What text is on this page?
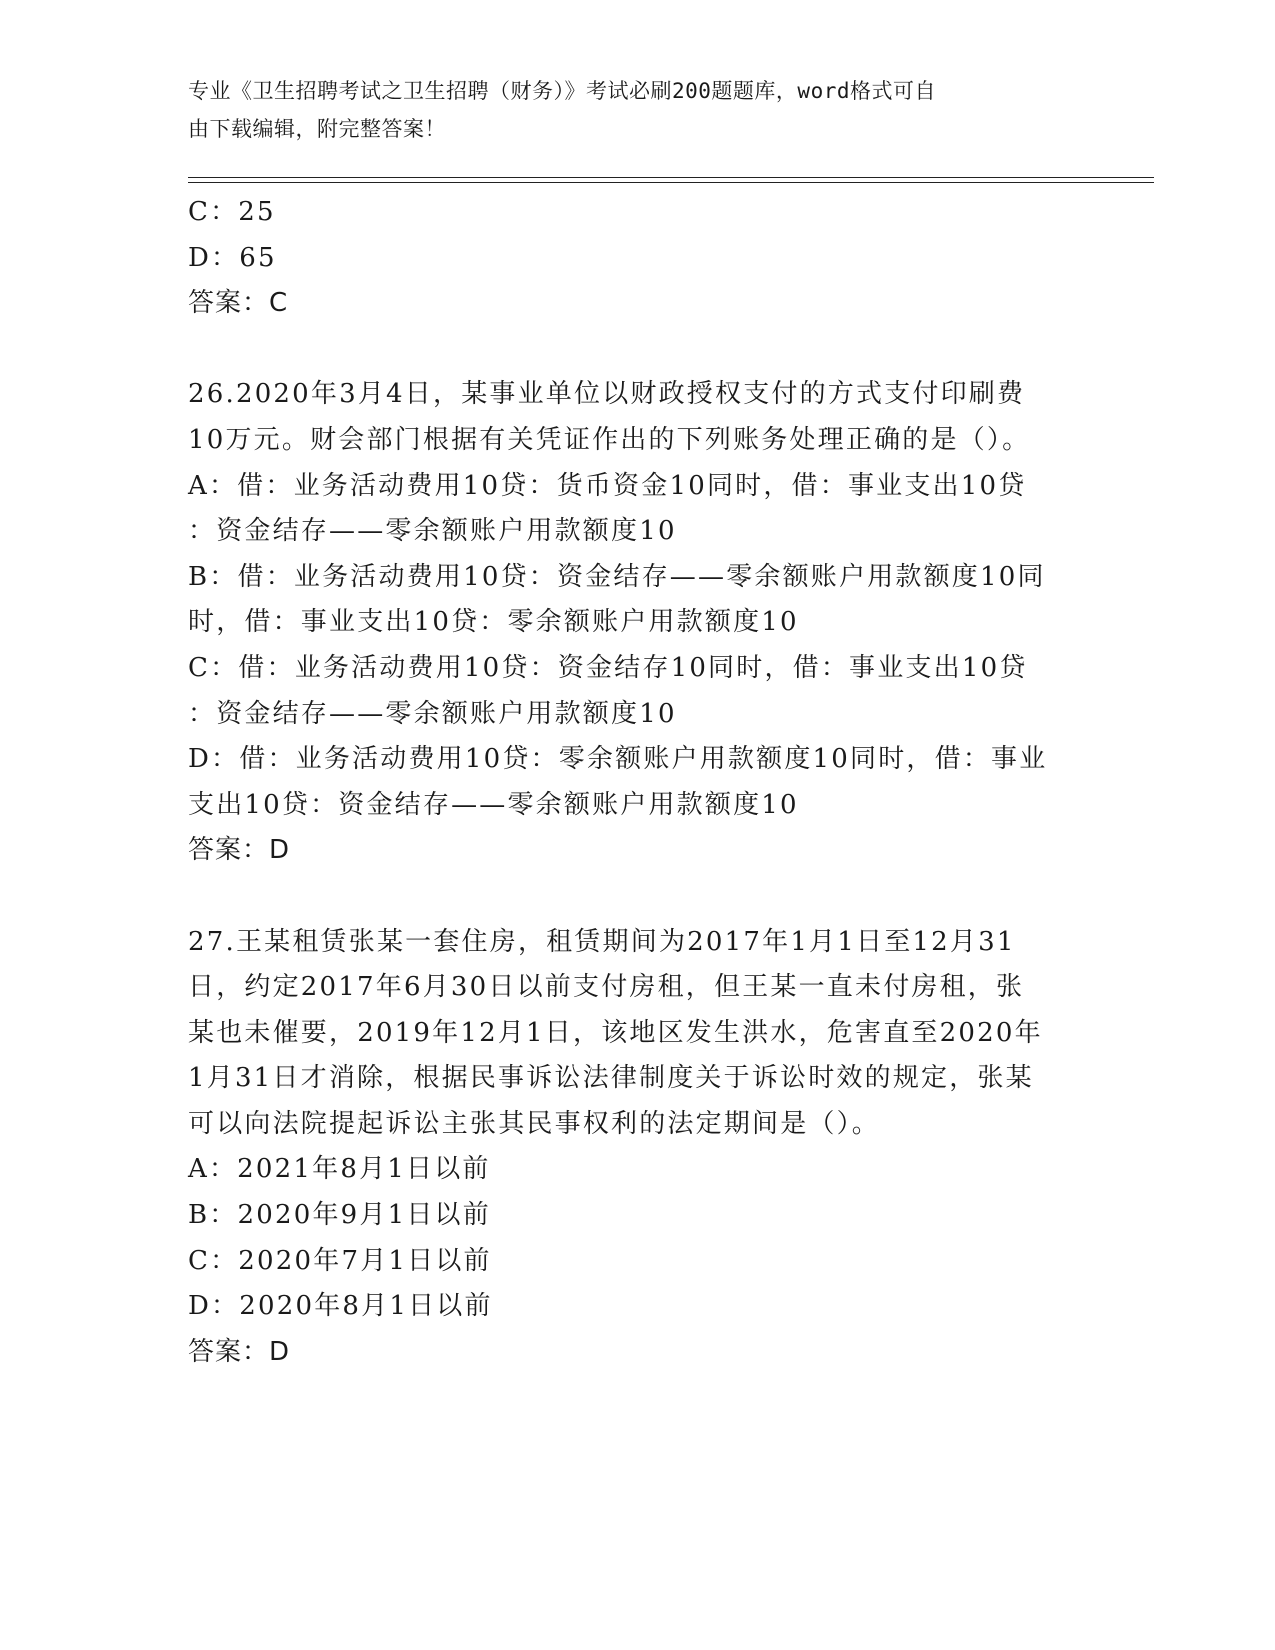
专业《卫生招聘考试之卫生招聘（财务）》考试必刷200题题库，word格式可自
由下载编辑，附完整答案！
C：25
D：65
答案：C
26.2020年3月4日，某事业单位以财政授权支付的方式支付印刷费
10万元。财会部门根据有关凭证作出的下列账务处理正确的是（）。
A：借：业务活动费用10贷：货币资金10同时，借：事业支出10贷
：资金结存——零余额账户用款额度10
B：借：业务活动费用10贷：资金结存——零余额账户用款额度10同
时，借：事业支出10贷：零余额账户用款额度10
C：借：业务活动费用10贷：资金结存10同时，借：事业支出10贷
：资金结存——零余额账户用款额度10
D：借：业务活动费用10贷：零余额账户用款额度10同时，借：事业
支出10贷：资金结存——零余额账户用款额度10
答案：D
27.王某租赁张某一套住房，租赁期间为2017年1月1日至12月31
日，约定2017年6月30日以前支付房租，但王某一直未付房租，张
某也未催要，2019年12月1日，该地区发生洪水，危害直至2020年
1月31日才消除，根据民事诉讼法律制度关于诉讼时效的规定，张某
可以向法院提起诉讼主张其民事权利的法定期间是（）。
A：2021年8月1日以前
B：2020年9月1日以前
C：2020年7月1日以前
D：2020年8月1日以前
答案：D
